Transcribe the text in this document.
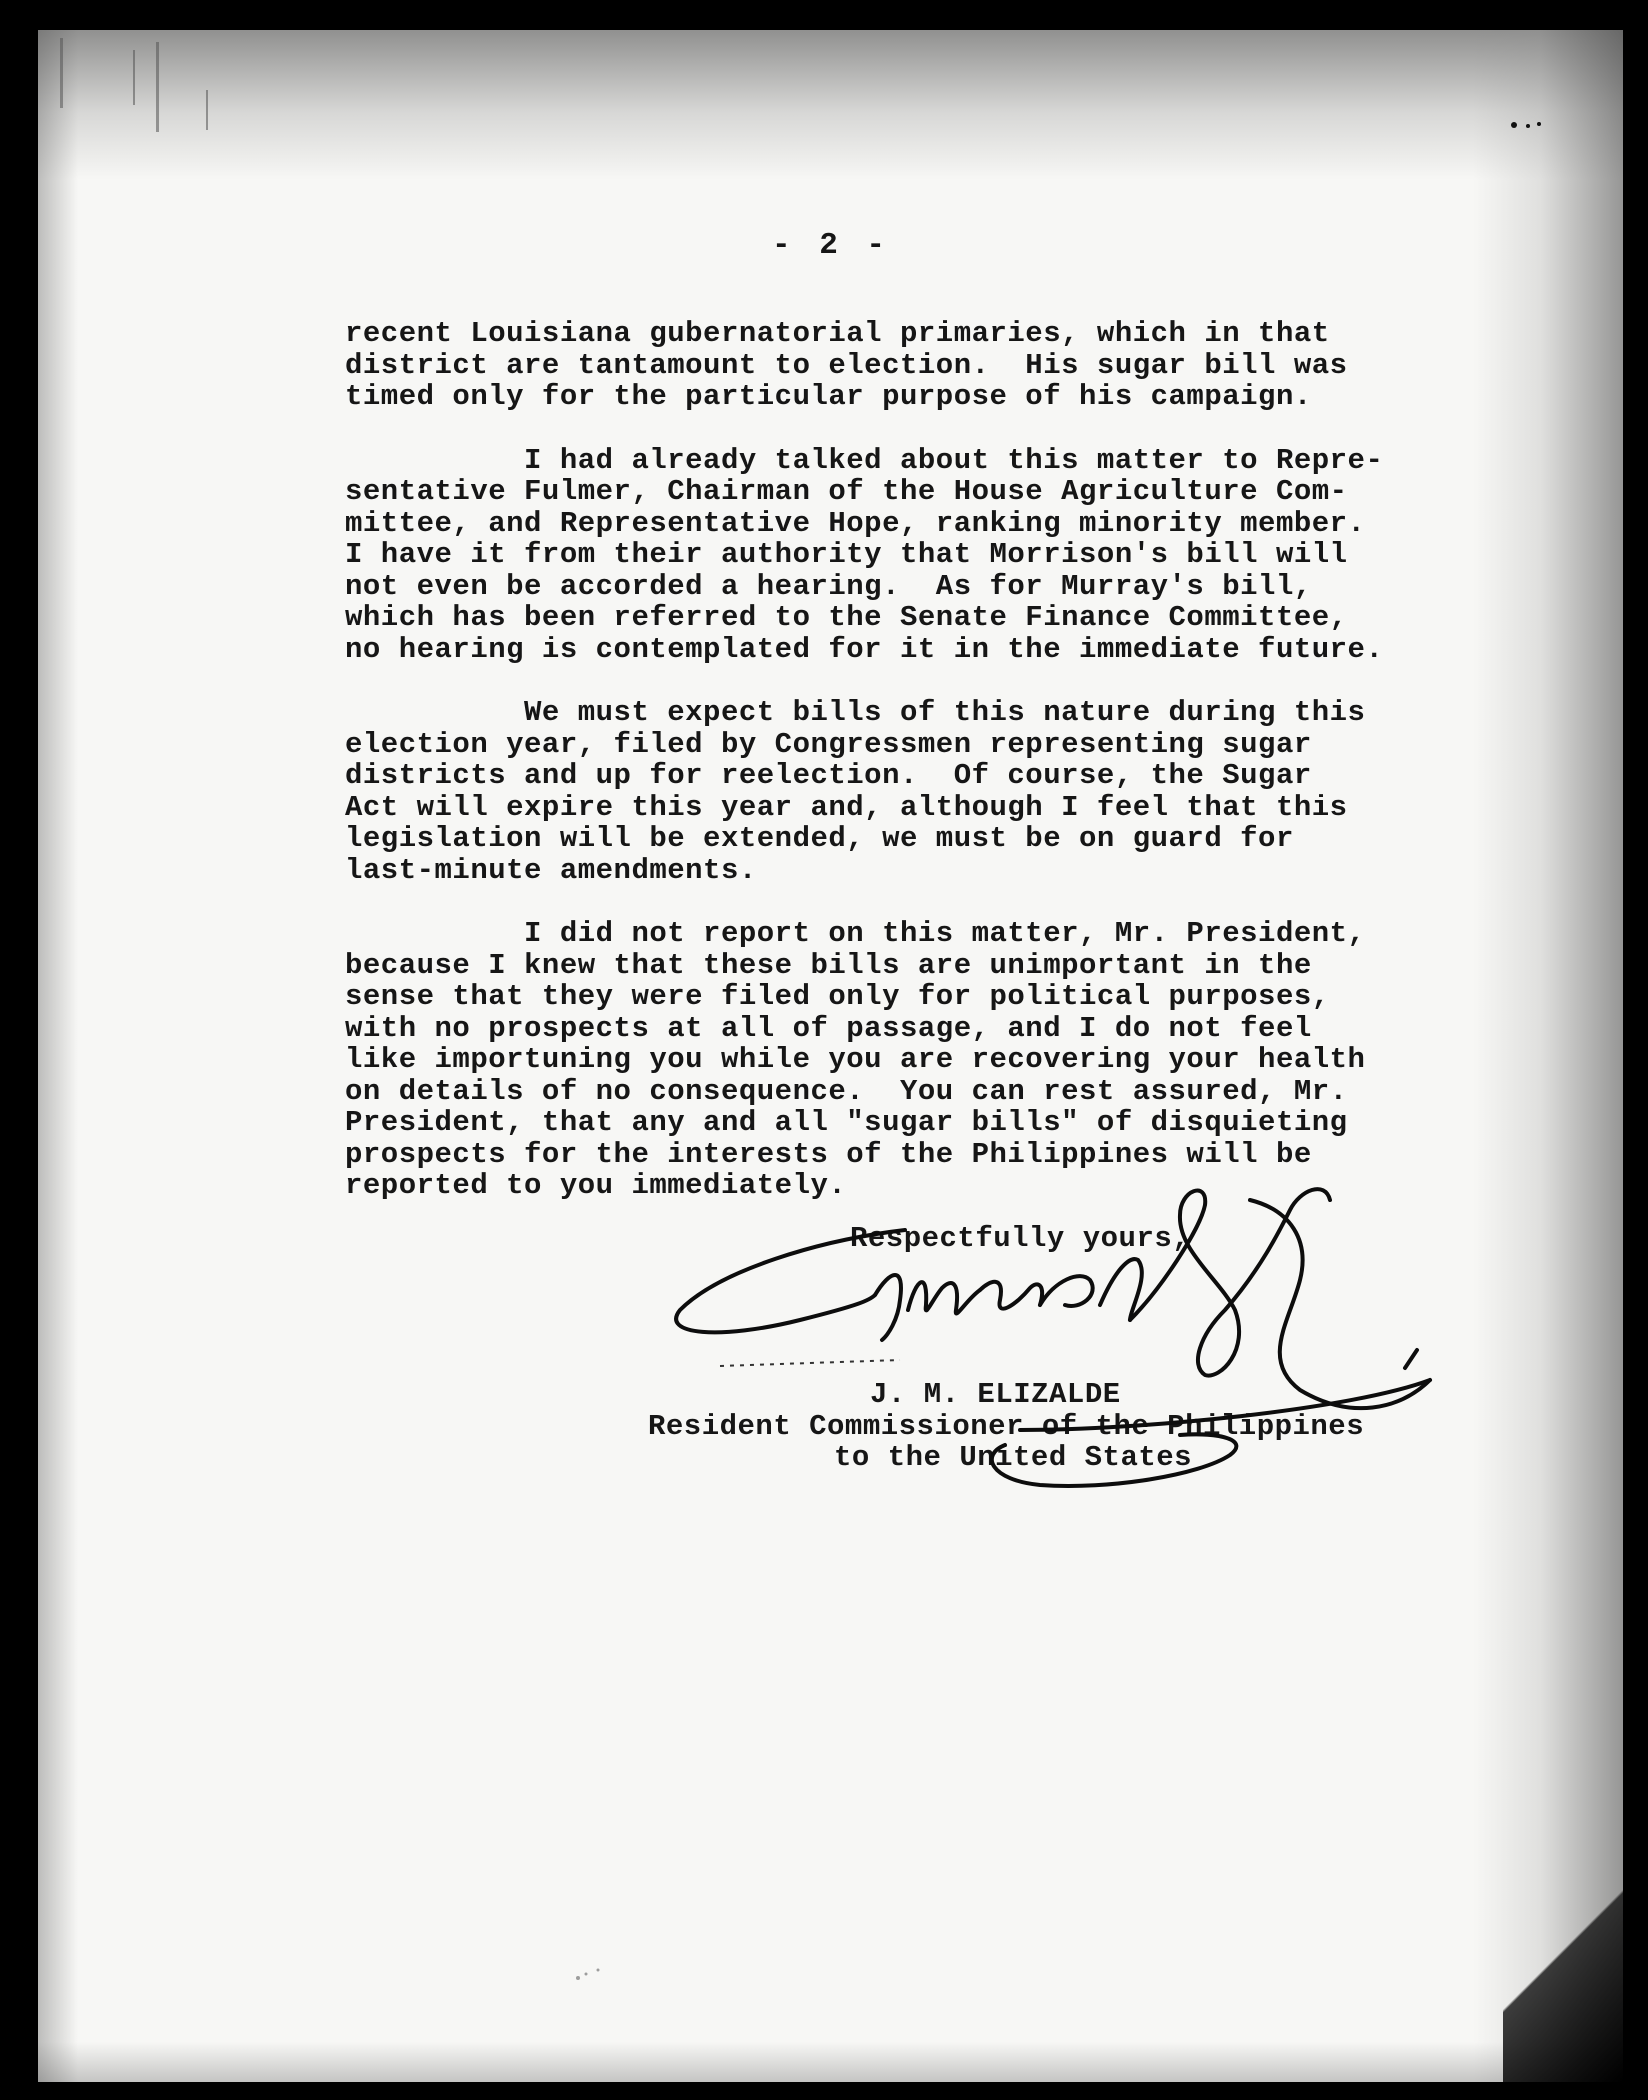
- 2 -
recent Louisiana gubernatorial primaries, which in that
district are tantamount to election.  His sugar bill was
timed only for the particular purpose of his campaign.
I had already talked about this matter to Repre-
sentative Fulmer, Chairman of the House Agriculture Com-
mittee, and Representative Hope, ranking minority member.
I have it from their authority that Morrison's bill will
not even be accorded a hearing.  As for Murray's bill,
which has been referred to the Senate Finance Committee,
no hearing is contemplated for it in the immediate future.
We must expect bills of this nature during this
election year, filed by Congressmen representing sugar
districts and up for reelection.  Of course, the Sugar
Act will expire this year and, although I feel that this
legislation will be extended, we must be on guard for
last-minute amendments.
I did not report on this matter, Mr. President,
because I knew that these bills are unimportant in the
sense that they were filed only for political purposes,
with no prospects at all of passage, and I do not feel
like importuning you while you are recovering your health
on details of no consequence.  You can rest assured, Mr.
President, that any and all "sugar bills" of disquieting
prospects for the interests of the Philippines will be
reported to you immediately.
Respectfully yours,
J. M. ELIZALDE
Resident Commissioner of the Philippines
to the United States
